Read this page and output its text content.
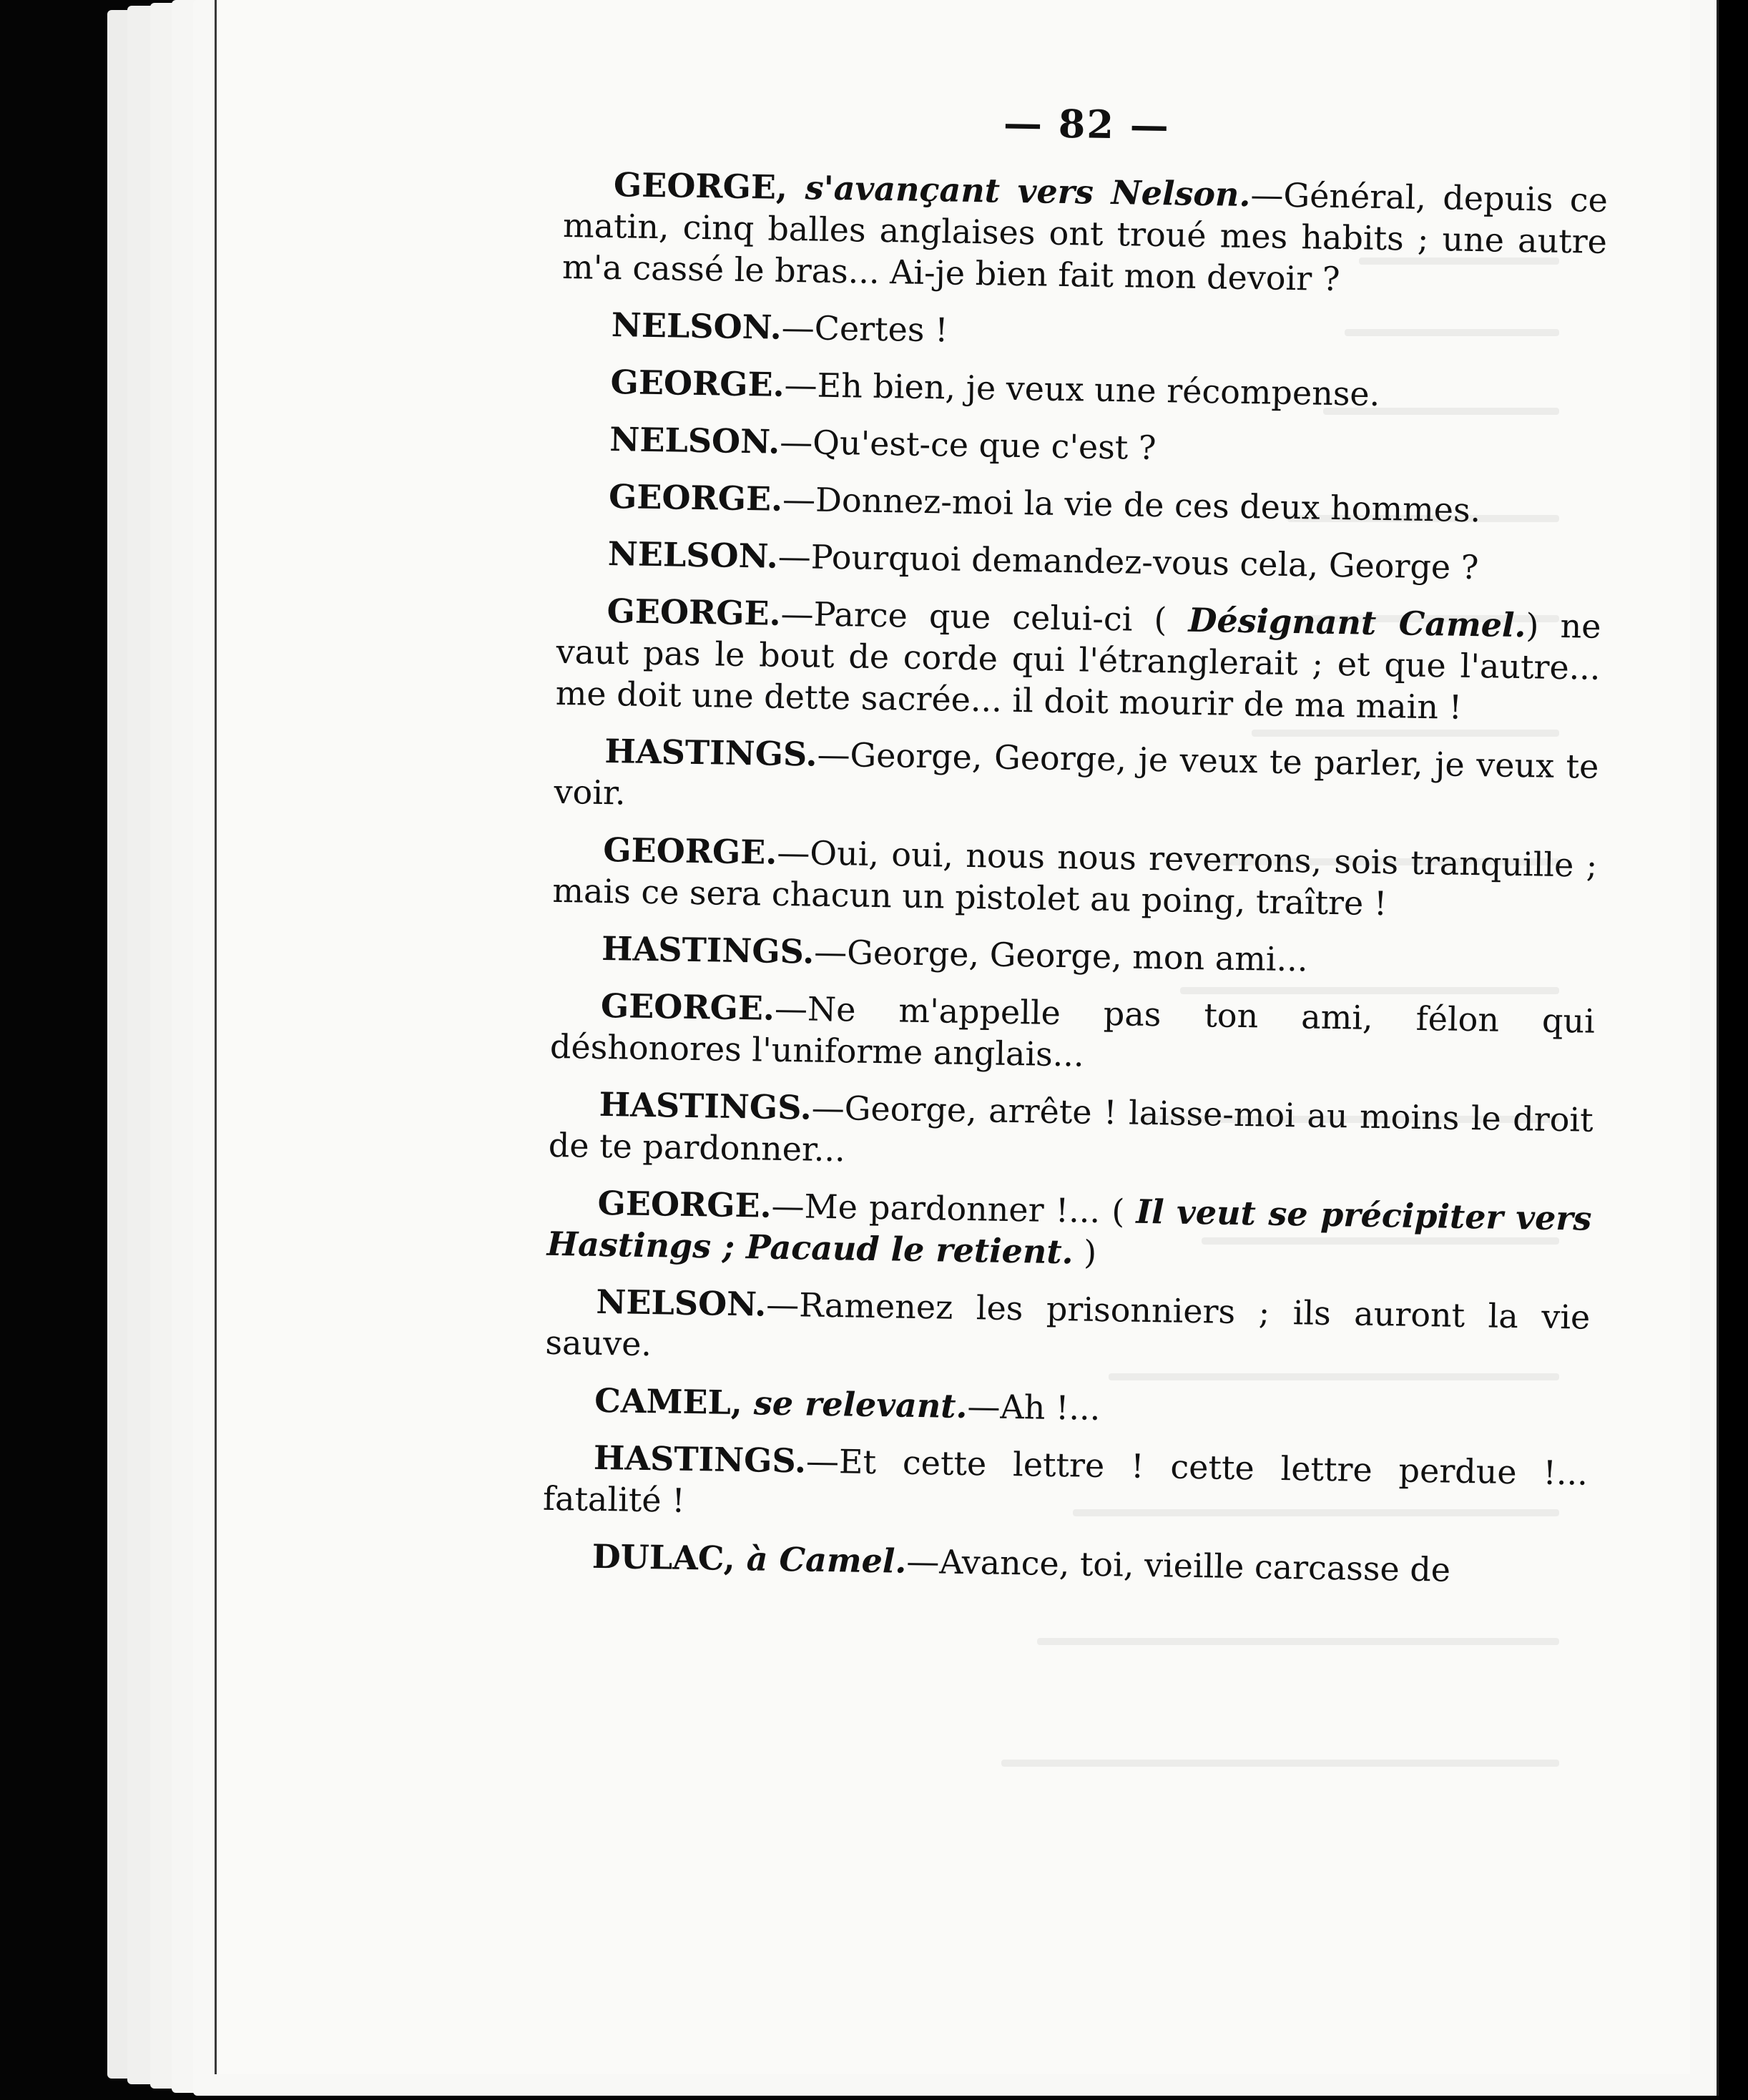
— 82 —

GEORGE, s'avançant vers Nelson.—Général, depuis ce matin, cinq balles anglaises ont troué mes habits ; une autre m'a cassé le bras... Ai-je bien fait mon devoir ?

NELSON.—Certes !

GEORGE.—Eh bien, je veux une récompense.

NELSON.—Qu'est-ce que c'est ?

GEORGE.—Donnez-moi la vie de ces deux hommes.

NELSON.—Pourquoi demandez-vous cela, George ?

GEORGE.—Parce que celui-ci ( Désignant Camel.) ne vaut pas le bout de corde qui l'étranglerait ; et que l'autre... me doit une dette sacrée... il doit mourir de ma main !

HASTINGS.—George, George, je veux te parler, je veux te voir.

GEORGE.—Oui, oui, nous nous reverrons, sois tranquille ; mais ce sera chacun un pistolet au poing, traître !

HASTINGS.—George, George, mon ami...

GEORGE.—Ne m'appelle pas ton ami, félon qui déshonores l'uniforme anglais...

HASTINGS.—George, arrête ! laisse-moi au moins le droit de te pardonner...

GEORGE.—Me pardonner !... ( Il veut se précipiter vers Hastings ; Pacaud le retient. )

NELSON.—Ramenez les prisonniers ; ils auront la vie sauve.

CAMEL, se relevant.—Ah !...

HASTINGS.—Et cette lettre ! cette lettre perdue !... fatalité !

DULAC, à Camel.—Avance, toi, vieille carcasse de
